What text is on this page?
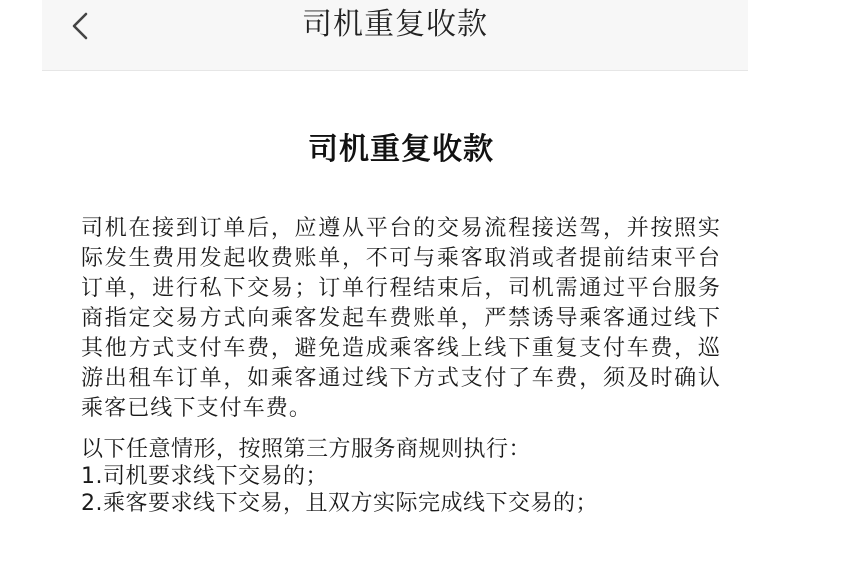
司机重复收款
司机重复收款
司机在接到订单后，应遵从平台的交易流程接送驾，并按照实际发生费用发起收费账单，不可与乘客取消或者提前结束平台订单，进行私下交易；订单行程结束后，司机需通过平台服务商指定交易方式向乘客发起车费账单，严禁诱导乘客通过线下其他方式支付车费，避免造成乘客线上线下重复支付车费，巡游出租车订单，如乘客通过线下方式支付了车费，须及时确认乘客已线下支付车费。
以下任意情形，按照第三方服务商规则执行：
1.司机要求线下交易的；
2.乘客要求线下交易，且双方实际完成线下交易的；
